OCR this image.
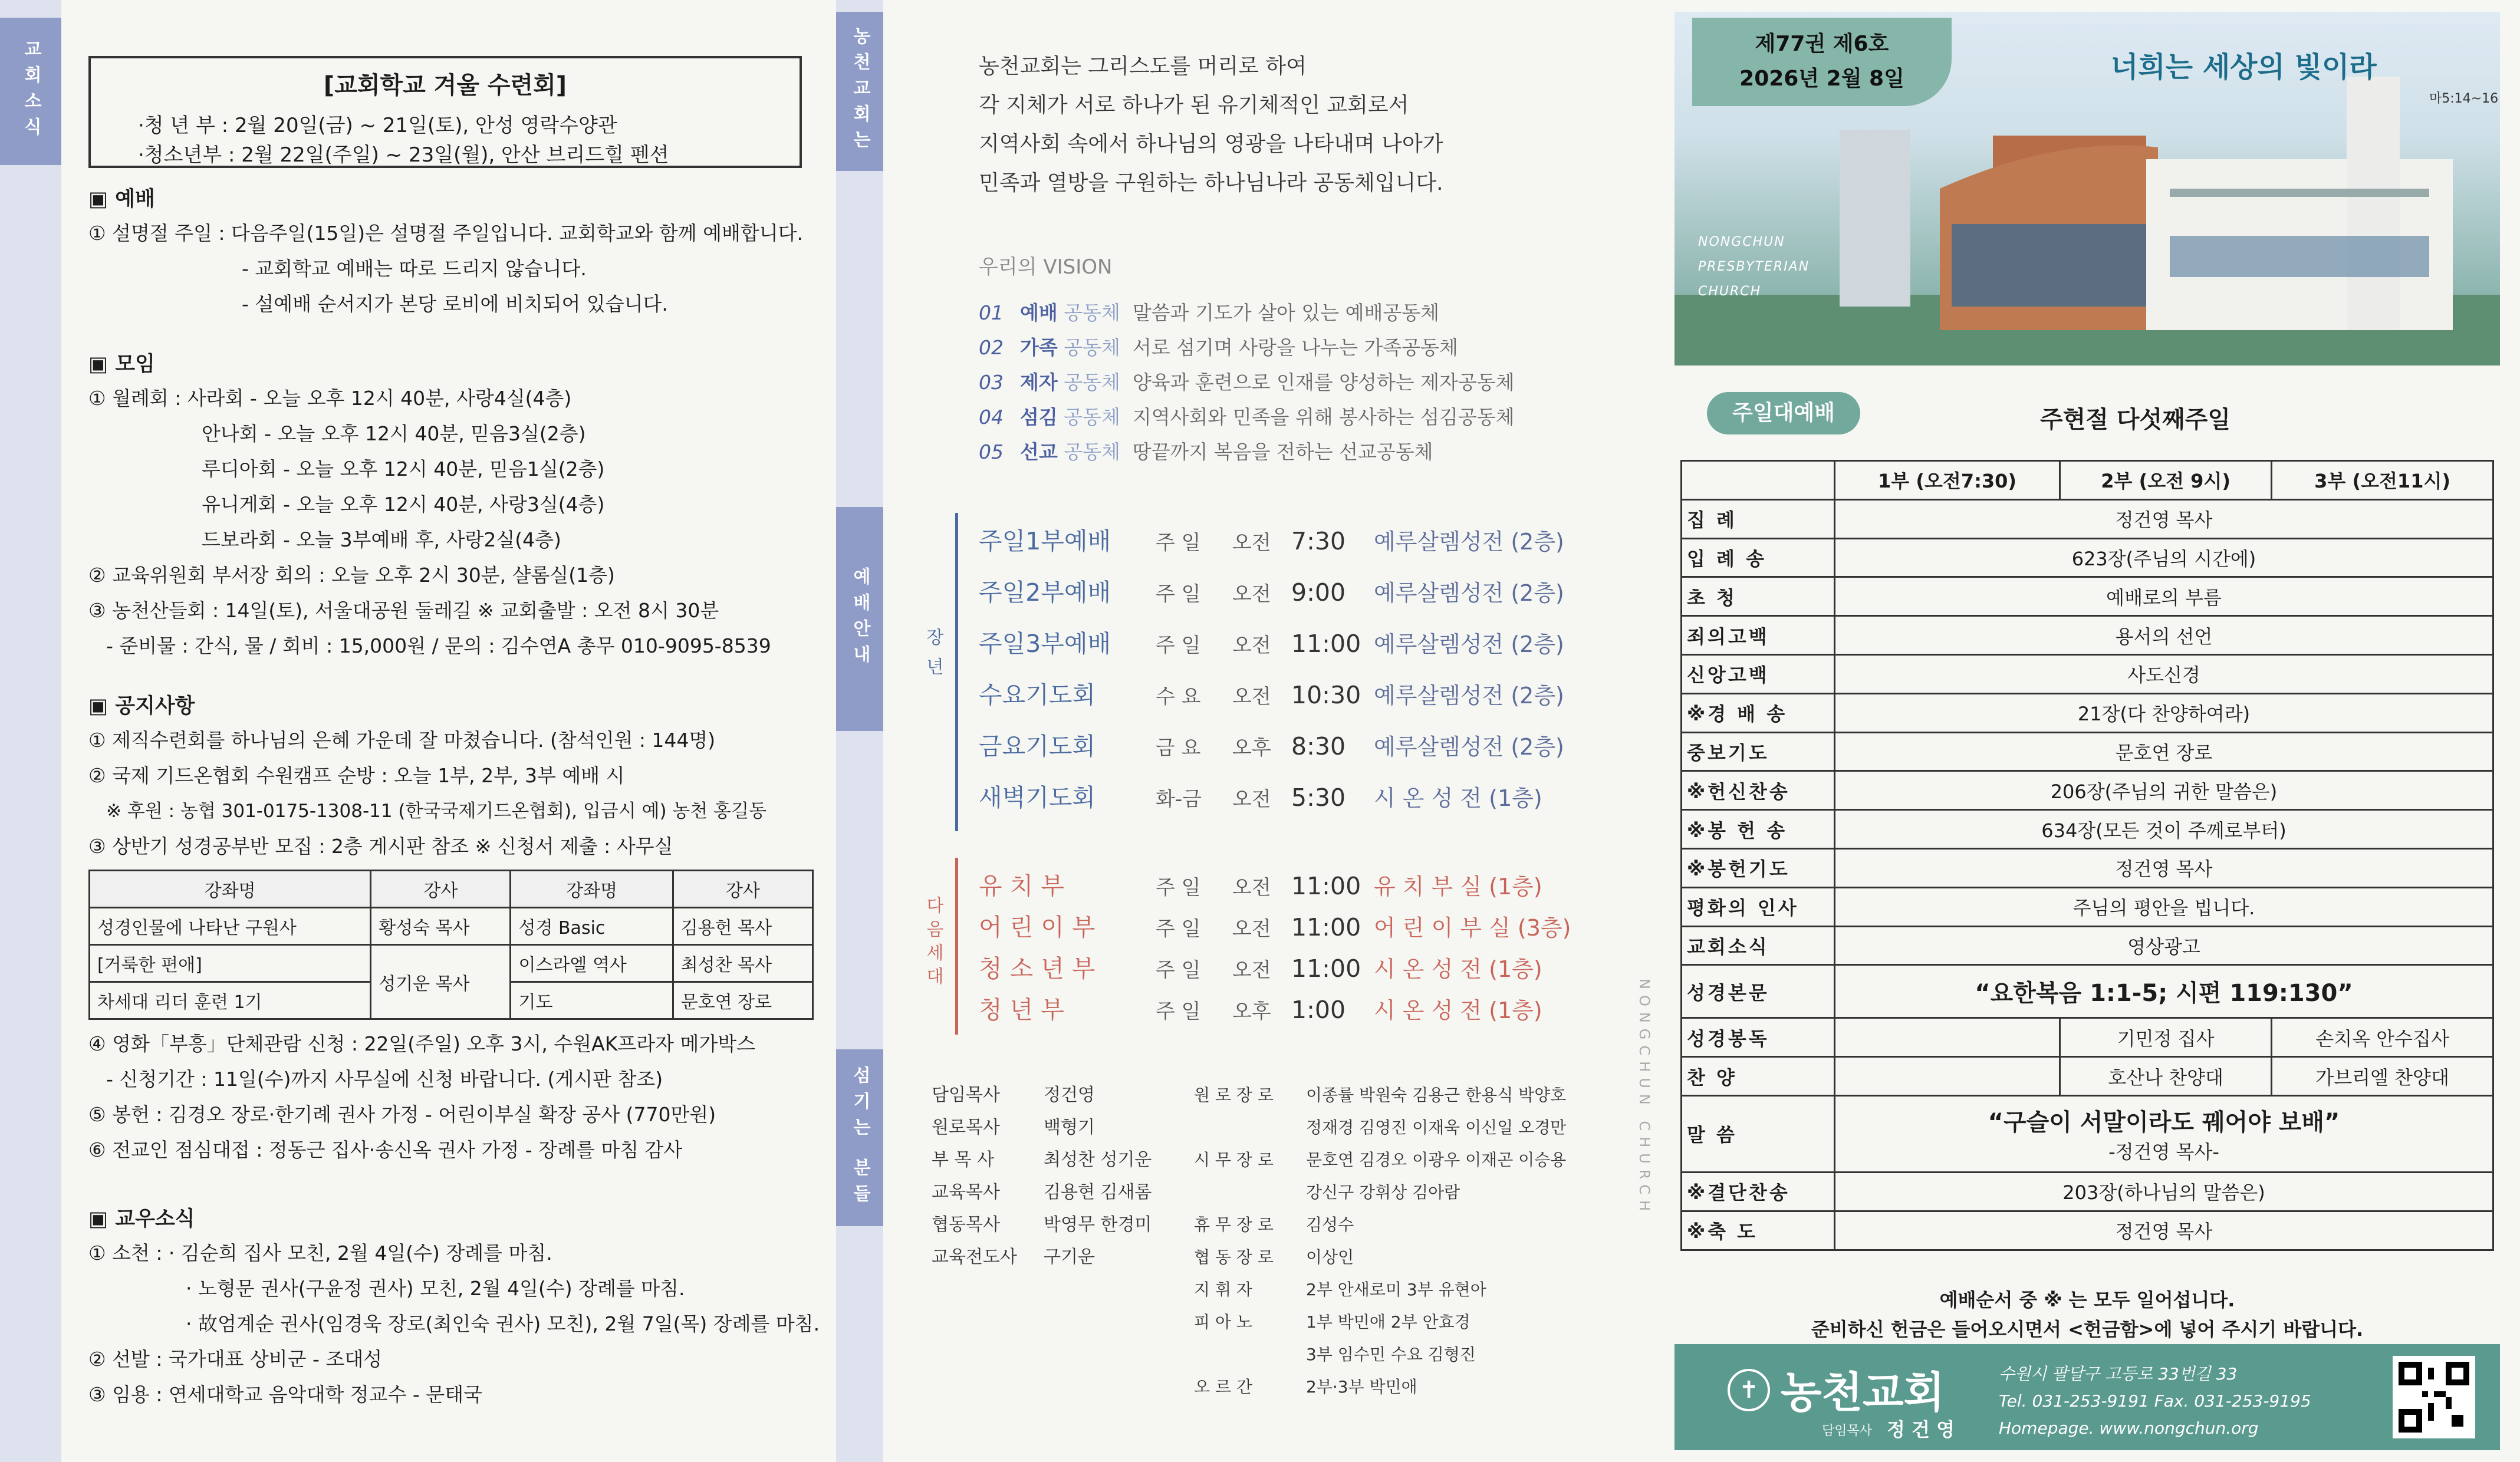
교회소식	[교회학교 겨울 수련회]
·청 년 부 : 2월 20일(금) ~ 21일(토), 안성 영락수양관
·청소년부 : 2월 22일(주일) ~ 23일(월), 안산 브리드힐 펜션
▣ 예배
① 설명절 주일 : 다음주일(15일)은 설명절 주일입니다. 교회학교와 함께 예배합니다.
- 교회학교 예배는 따로 드리지 않습니다.
- 설예배 순서지가 본당 로비에 비치되어 있습니다.
▣ 모임
① 월례회 : 사라회 - 오늘 오후 12시 40분, 사랑4실(4층)
안나회 - 오늘 오후 12시 40분, 믿음3실(2층)
루디아회 - 오늘 오후 12시 40분, 믿음1실(2층)
유니게회 - 오늘 오후 12시 40분, 사랑3실(4층)
드보라회 - 오늘 3부예배 후, 사랑2실(4층)
② 교육위원회 부서장 회의 : 오늘 오후 2시 30분, 샬롬실(1층)
③ 농천산들회 : 14일(토), 서울대공원 둘레길 ※ 교회출발 : 오전 8시 30분
- 준비물 : 간식, 물 / 회비 : 15,000원 / 문의 : 김수연A 총무 010-9095-8539
▣ 공지사항
① 제직수련회를 하나님의 은혜 가운데 잘 마쳤습니다. (참석인원 : 144명)
② 국제 기드온협회 수원캠프 순방 : 오늘 1부, 2부, 3부 예배 시
※ 후원 : 농협 301-0175-1308-11 (한국국제기드온협회), 입금시 예) 농천 홍길동
③ 상반기 성경공부반 모집 : 2층 게시판 참조 ※ 신청서 제출 : 사무실
강좌명	강사	강좌명	강사
성경인물에 나타난 구원사	황성숙 목사	성경 Basic	김용헌 목사
[거룩한 편애]	성기운 목사	이스라엘 역사	최성찬 목사
차세대 리더 훈련 1기		기도	문호연 장로
④ 영화「부흥」단체관람 신청 : 22일(주일) 오후 3시, 수원AK프라자 메가박스
- 신청기간 : 11일(수)까지 사무실에 신청 바랍니다. (게시판 참조)
⑤ 봉헌 : 김경오 장로·한기례 권사 가정 - 어린이부실 확장 공사 (770만원)
⑥ 전교인 점심대접 : 정동근 집사·송신옥 권사 가정 - 장례를 마침 감사
▣ 교우소식
① 소천 : · 김순희 집사 모친, 2월 4일(수) 장례를 마침.
· 노형문 권사(구윤정 권사) 모친, 2월 4일(수) 장례를 마침.
· 故엄계순 권사(임경욱 장로(최인숙 권사) 모친), 2월 7일(목) 장례를 마침.
② 선발 : 국가대표 상비군 - 조대성
③ 임용 : 연세대학교 음악대학 정교수 - 문태국
농천교회는
예배안내
섬기는 분들
농천교회는 그리스도를 머리로 하여
각 지체가 서로 하나가 된 유기체적인 교회로서
지역사회 속에서 하나님의 영광을 나타내며 나아가
민족과 열방을 구원하는 하나님나라 공동체입니다.
우리의 VISION
01 예배 공동체 말씀과 기도가 살아 있는 예배공동체
02 가족 공동체 서로 섬기며 사랑을 나누는 가족공동체
03 제자 공동체 양육과 훈련으로 인재를 양성하는 제자공동체
04 섬김 공동체 지역사회와 민족을 위해 봉사하는 섬김공동체
05 선교 공동체 땅끝까지 복음을 전하는 선교공동체
장년
주일1부예배 주 일 오전 7:30 예루살렘성전 (2층)
주일2부예배 주 일 오전 9:00 예루살렘성전 (2층)
주일3부예배 주 일 오전 11:00 예루살렘성전 (2층)
수요기도회	수 요 오전 10:30 예루살렘성전 (2층)
금요기도회	금 요 오후 8:30 예루살렘성전 (2층)
새벽기도회	화-금 오전 5:30 시 온 성 전 (1층)
다음세대
유 치 부	주 일 오전 11:00 유 치 부 실 (1층)
어 린 이 부	주 일 오전 11:00 어 린 이 부 실 (3층)
청 소 년 부	주 일 오전 11:00 시 온 성 전 (1층)
청 년 부	주 일 오후 1:00 시 온 성 전 (1층)
담임목사 정건영
원로목사 백형기
부 목 사	최성찬 성기운
교육목사 김용현 김새롬
협동목사 박영무 한경미
교육전도사 구기운
원 로 장 로 이종률 박원숙 김용근 한용식 박양호
정재경 김영진 이재욱 이신일 오경만
시 무 장 로 문호연 김경오 이광우 이재곤 이승용
강신구 강휘상 김아람
휴 무 장 로 김성수
협 동 장 로 이상인
지 휘 자	2부 안새로미 3부 유현아
피 아 노	1부 박민애 2부 안효경
3부 임수민 수요 김형진
오 르 간	2부·3부 박민애
NONGCHUN CHURCH
제77권 제6호
2026년 2월 8일	너희는 세상의 빛이라
마5:14~16
NONGCHUN
PRESBYTERIAN
CHURCH
주일대예배	주현절 다섯째주일
	1부 (오전7:30)	2부 (오전 9시)	3부 (오전11시)
집 례	정건영 목사		
입 례 송	623장(주님의 시간에)		
초 청	예배로의 부름		
죄의고백	용서의 선언		
신앙고백	사도신경		
※경 배 송	21장(다 찬양하여라)		
중보기도	문호연 장로		
※헌신찬송	206장(주님의 귀한 말씀은)		
※봉 헌 송	634장(모든 것이 주께로부터)		
※봉헌기도	정건영 목사		
평화의 인사	주님의 평안을 빕니다.		
교회소식	영상광고		
성경본문	“요한복음 1:1-5; 시편 119:130”		
성경봉독		기민정 집사	손치옥 안수집사
찬 양		호산나 찬양대	가브리엘 찬양대
말 씀	“구슬이 서말이라도 꿰어야 보배”
-정건영 목사-		

※결단찬송	203장(하나님의 말씀은)		
※축 도	정건영 목사		
예배순서 중 ※ 는 모두 일어섭니다.
준비하신 헌금은 들어오시면서 <헌금함>에 넣어 주시기 바랍니다.
✝ 농천교회
담임목사 정 건 영
수원시 팔달구 고등로 33번길 33
Tel. 031-253-9191 Fax. 031-253-9195
Homepage. www.nongchun.org
